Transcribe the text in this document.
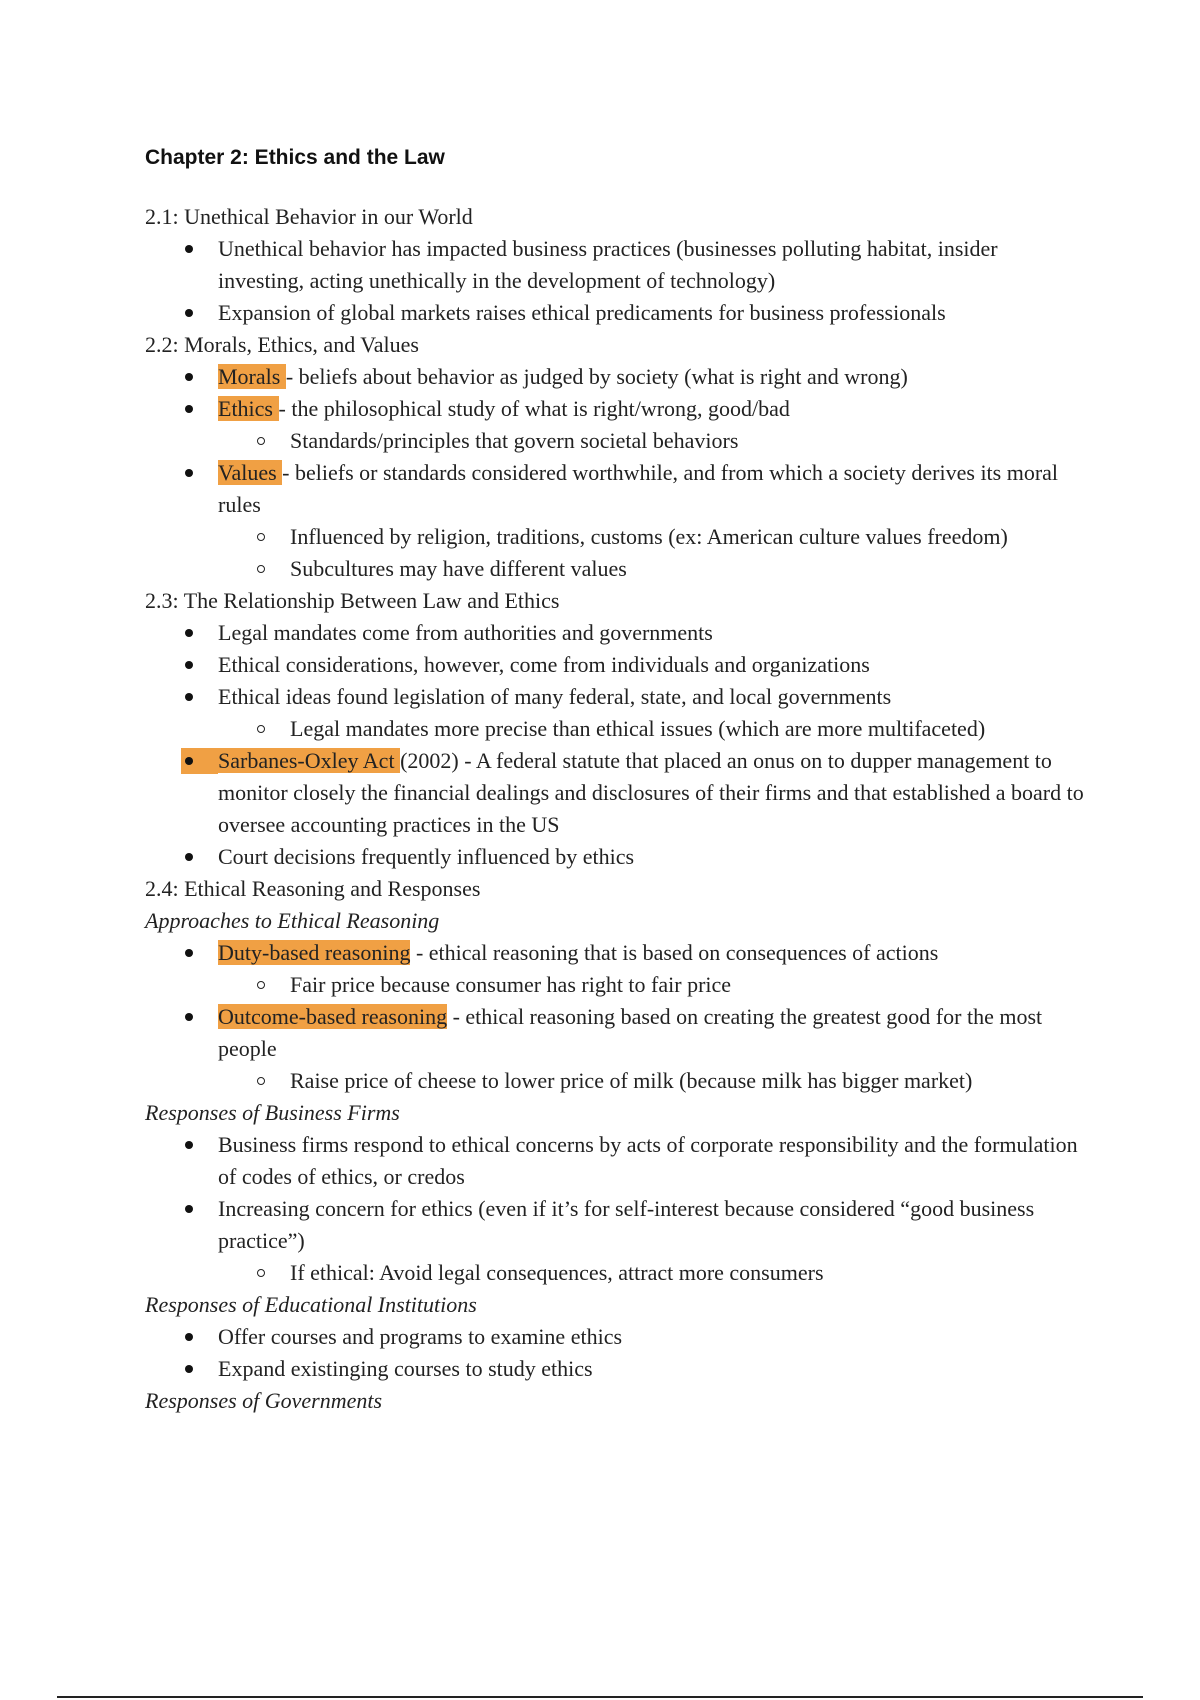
Chapter 2: Ethics and the Law
2.1: Unethical Behavior in our World
Unethical behavior has impacted business practices (businesses polluting habitat, insider investing, acting unethically in the development of technology)
Expansion of global markets raises ethical predicaments for business professionals
2.2: Morals, Ethics, and Values
Morals - beliefs about behavior as judged by society (what is right and wrong)
Ethics - the philosophical study of what is right/wrong, good/bad
Standards/principles that govern societal behaviors
Values - beliefs or standards considered worthwhile, and from which a society derives its moral rules
Influenced by religion, traditions, customs (ex: American culture values freedom)
Subcultures may have different values
2.3: The Relationship Between Law and Ethics
Legal mandates come from authorities and governments
Ethical considerations, however, come from individuals and organizations
Ethical ideas found legislation of many federal, state, and local governments
Legal mandates more precise than ethical issues (which are more multifaceted)
Sarbanes-Oxley Act (2002) - A federal statute that placed an onus on to dupper management to monitor closely the financial dealings and disclosures of their firms and that established a board to oversee accounting practices in the US
Court decisions frequently influenced by ethics
2.4: Ethical Reasoning and Responses
Approaches to Ethical Reasoning
Duty-based reasoning - ethical reasoning that is based on consequences of actions
Fair price because consumer has right to fair price
Outcome-based reasoning - ethical reasoning based on creating the greatest good for the most people
Raise price of cheese to lower price of milk (because milk has bigger market)
Responses of Business Firms
Business firms respond to ethical concerns by acts of corporate responsibility and the formulation of codes of ethics, or credos
Increasing concern for ethics (even if it’s for self-interest because considered “good business practice”)
If ethical: Avoid legal consequences, attract more consumers
Responses of Educational Institutions
Offer courses and programs to examine ethics
Expand existinging courses to study ethics
Responses of Governments
